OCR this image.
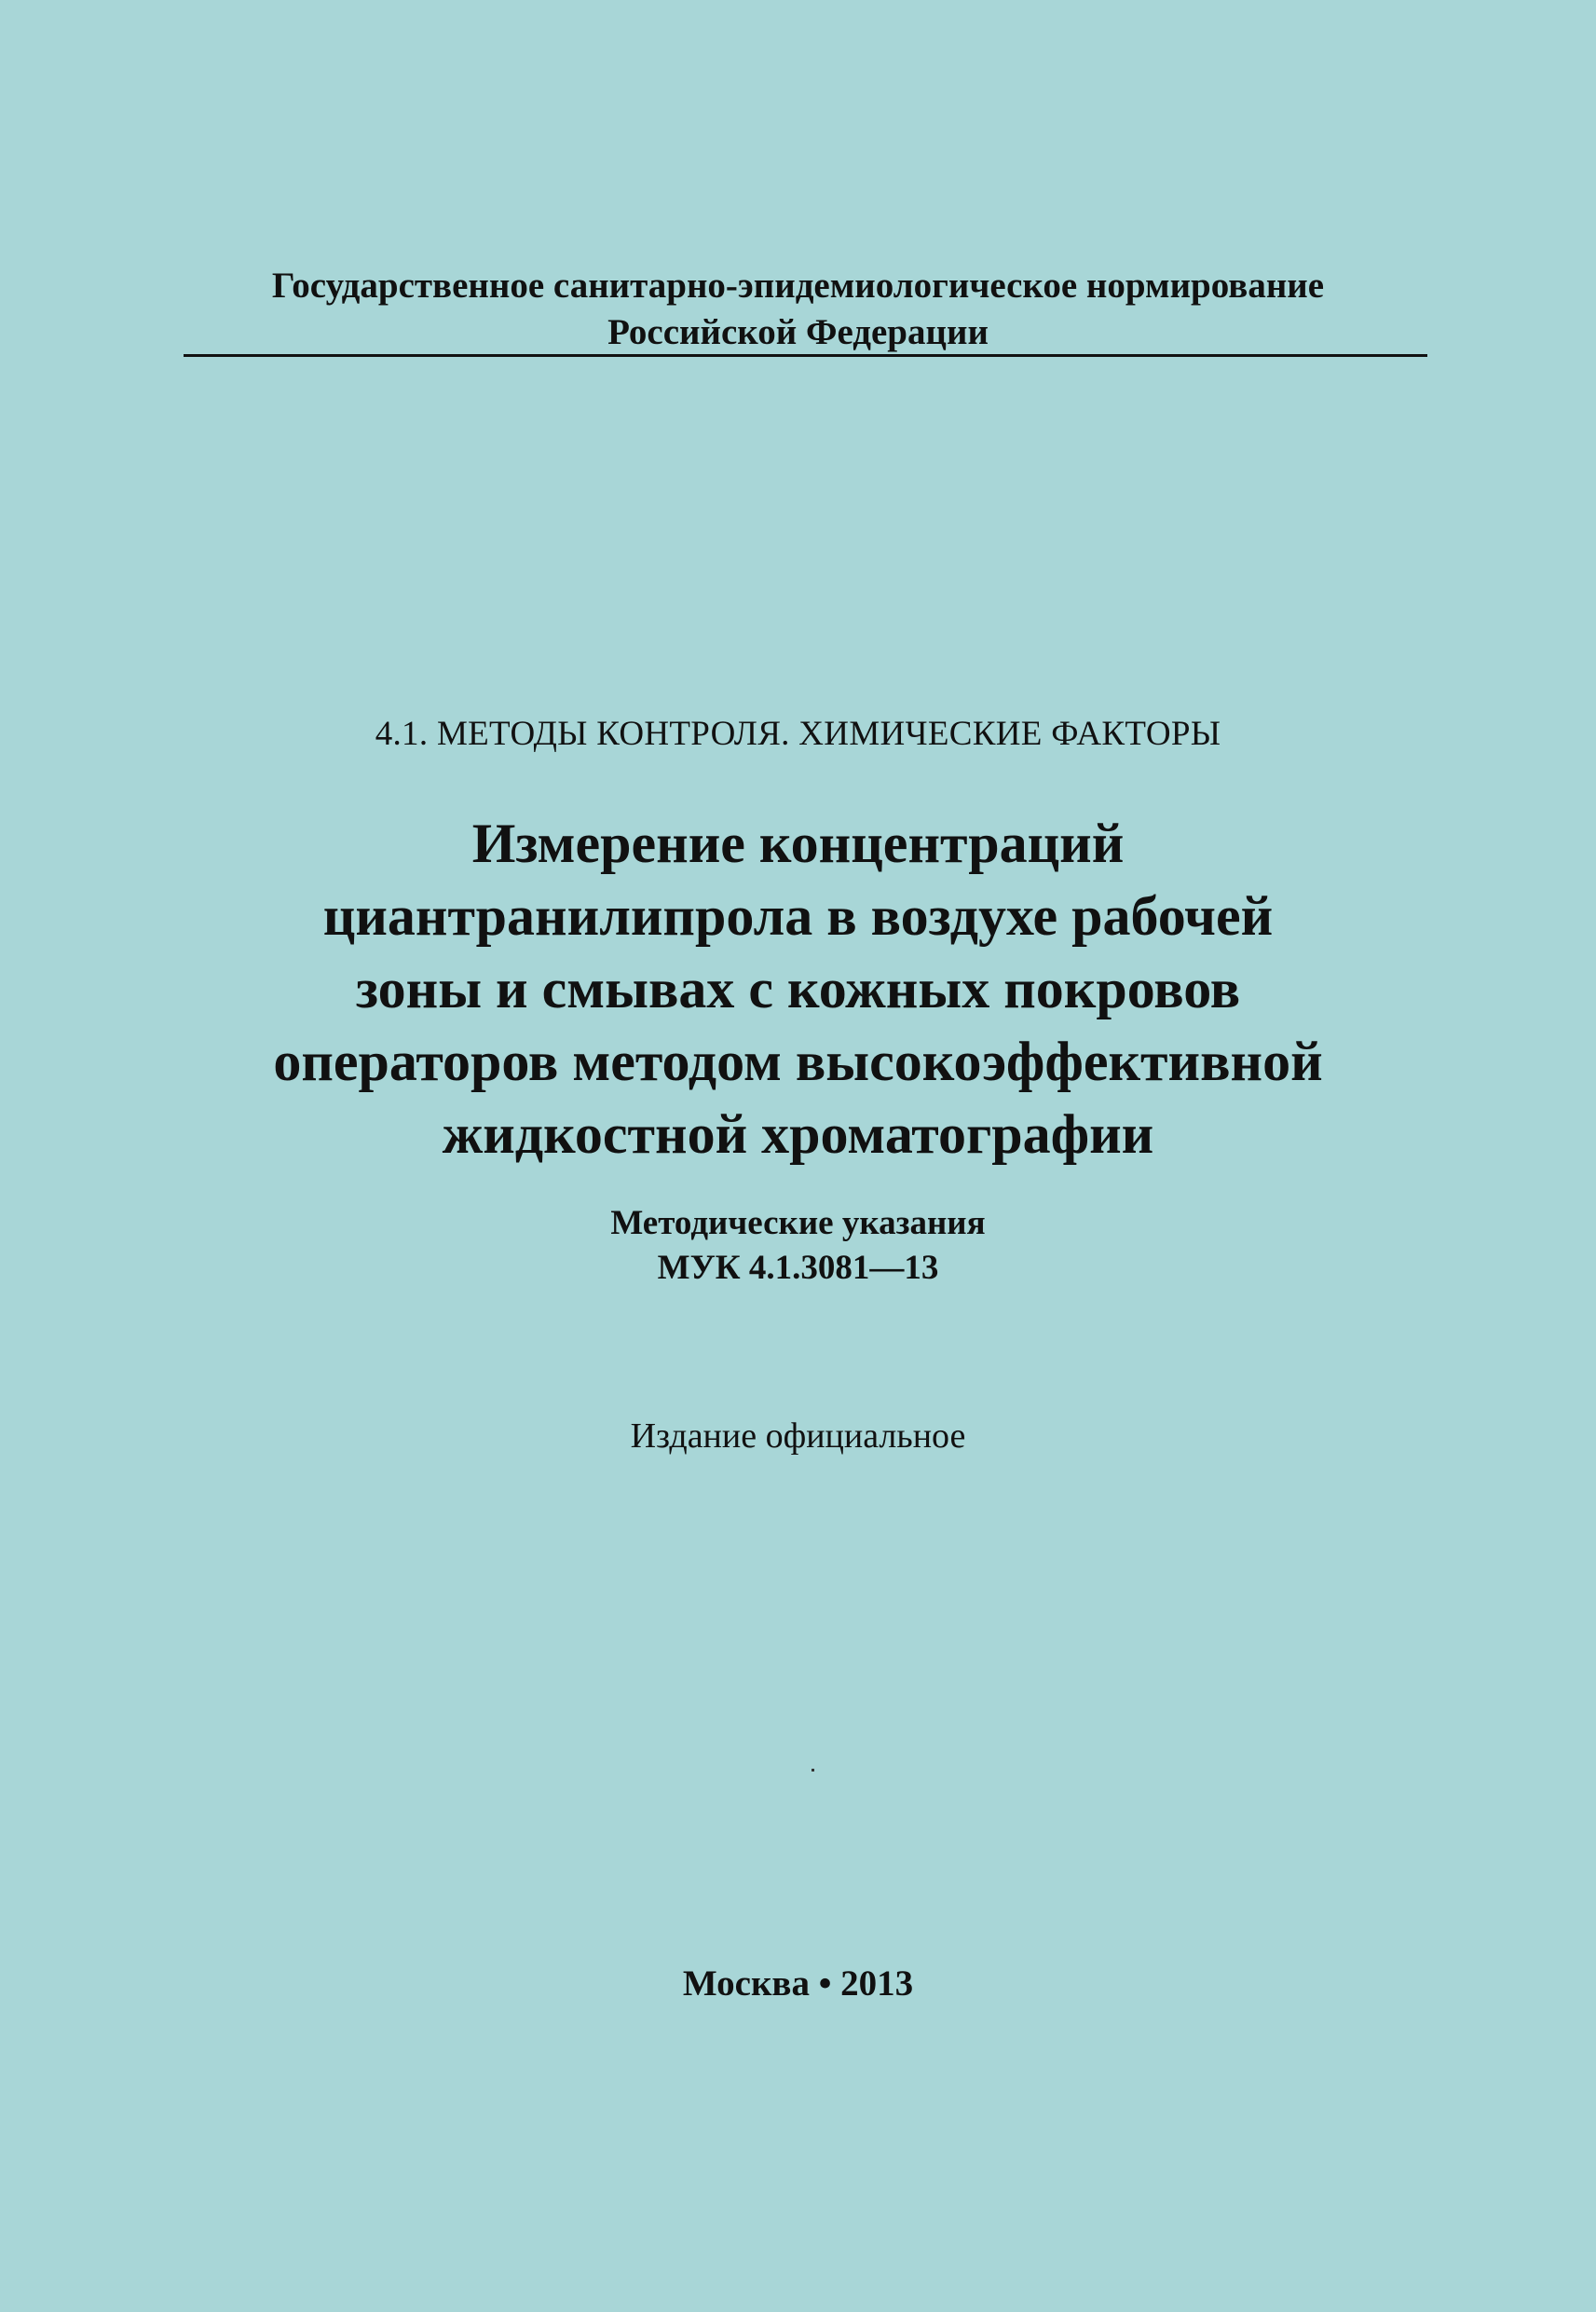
Государственное санитарно-эпидемиологическое нормирование
Российской Федерации
4.1. МЕТОДЫ КОНТРОЛЯ. ХИМИЧЕСКИЕ ФАКТОРЫ
Измерение концентраций
циантранилипрола в воздухе рабочей
зоны и смывах с кожных покровов
операторов методом высокоэффективной
жидкостной хроматографии
Методические указания
МУК 4.1.3081—13
Издание официальное
Москва • 2013
